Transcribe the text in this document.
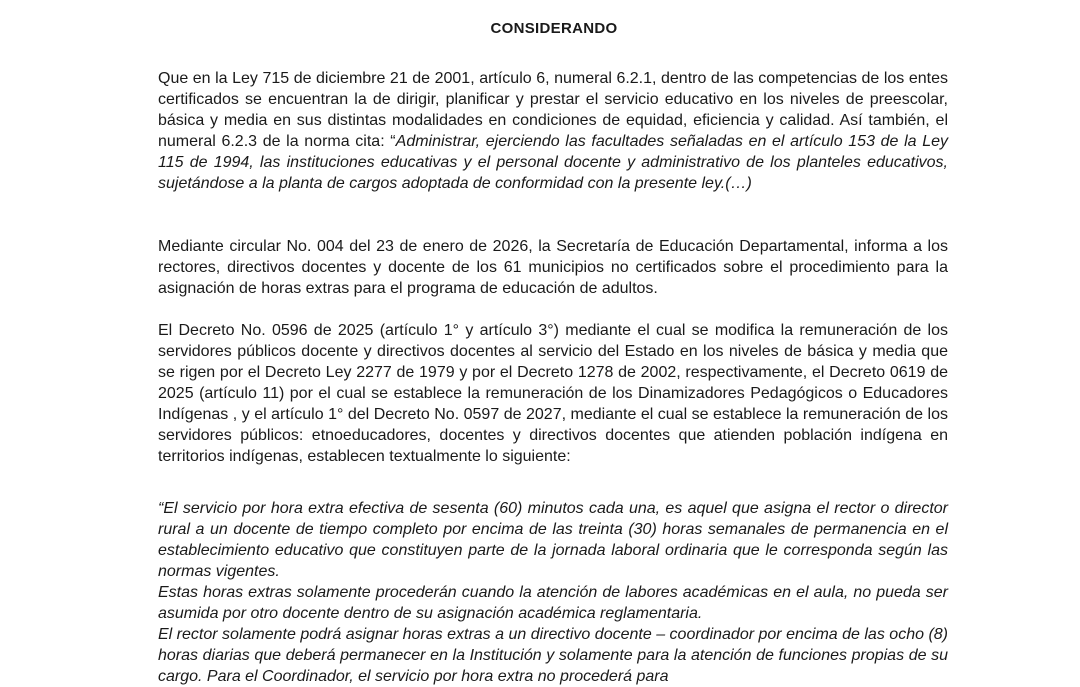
CONSIDERANDO
Que en la Ley 715 de diciembre 21 de 2001, artículo 6, numeral 6.2.1, dentro de las competencias de los entes certificados se encuentran la de dirigir, planificar y prestar el servicio educativo en los niveles de preescolar, básica y media en sus distintas modalidades en condiciones de equidad, eficiencia y calidad. Así también, el numeral 6.2.3 de la norma cita: “Administrar, ejerciendo las facultades señaladas en el artículo 153 de la Ley 115 de 1994, las instituciones educativas y el personal docente y administrativo de los planteles educativos, sujetándose a la planta de cargos adoptada de conformidad con la presente ley.(…)
Mediante circular No. 004 del 23 de enero de 2026, la Secretaría de Educación Departamental, informa a los rectores, directivos docentes y docente de los 61 municipios no certificados sobre el procedimiento para la asignación de horas extras para el programa de educación de adultos.
El Decreto No. 0596 de 2025 (artículo 1° y artículo 3°) mediante el cual se modifica la remuneración de los servidores públicos docente y directivos docentes al servicio del Estado en los niveles de básica y media que se rigen por el Decreto Ley 2277 de 1979 y por el Decreto 1278 de 2002, respectivamente, el Decreto 0619 de 2025 (artículo 11) por el cual se establece la remuneración de los Dinamizadores Pedagógicos o Educadores Indígenas , y el artículo 1° del Decreto No. 0597 de 2027, mediante el cual se establece la remuneración de los servidores públicos: etnoeducadores, docentes y directivos docentes que atienden población indígena en territorios indígenas, establecen textualmente lo siguiente:
“El servicio por hora extra efectiva de sesenta (60) minutos cada una, es aquel que asigna el rector o director rural a un docente de tiempo completo por encima de las treinta (30) horas semanales de permanencia en el establecimiento educativo que constituyen parte de la jornada laboral ordinaria que le corresponda según las normas vigentes.
Estas horas extras solamente procederán cuando la atención de labores académicas en el aula, no pueda ser asumida por otro docente dentro de su asignación académica reglamentaria.
El rector solamente podrá asignar horas extras a un directivo docente – coordinador por encima de las ocho (8) horas diarias que deberá permanecer en la Institución y solamente para la atención de funciones propias de su cargo. Para el Coordinador, el servicio por hora extra no procederá para
